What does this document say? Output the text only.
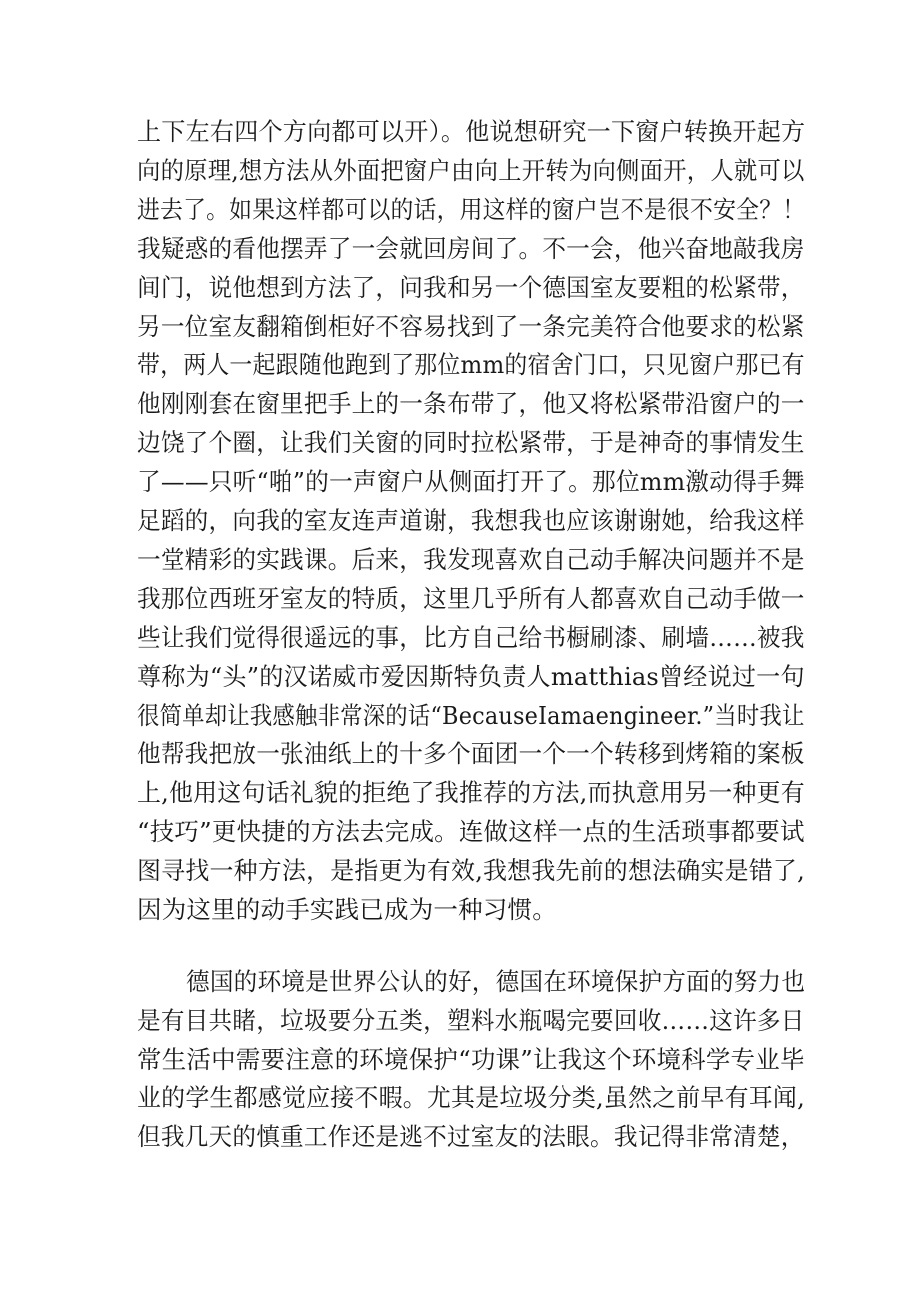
上下左右四个方向都可以开）。他说想研究一下窗户转换开起方
向的原理,想方法从外面把窗户由向上开转为向侧面开，人就可以
进去了。如果这样都可以的话，用这样的窗户岂不是很不安全？！
我疑惑的看他摆弄了一会就回房间了。不一会，他兴奋地敲我房
间门，说他想到方法了，问我和另一个德国室友要粗的松紧带，
另一位室友翻箱倒柜好不容易找到了一条完美符合他要求的松紧
带，两人一起跟随他跑到了那位mm的宿舍门口，只见窗户那已有
他刚刚套在窗里把手上的一条布带了，他又将松紧带沿窗户的一
边饶了个圈，让我们关窗的同时拉松紧带，于是神奇的事情发生
了——只听“啪”的一声窗户从侧面打开了。那位mm激动得手舞
足蹈的，向我的室友连声道谢，我想我也应该谢谢她，给我这样
一堂精彩的实践课。后来，我发现喜欢自己动手解决问题并不是
我那位西班牙室友的特质，这里几乎所有人都喜欢自己动手做一
些让我们觉得很遥远的事，比方自己给书橱刷漆、刷墙……被我
尊称为“头”的汉诺威市爱因斯特负责人matthias曾经说过一句
很简单却让我感触非常深的话“BecauseIamaengineer.”当时我让
他帮我把放一张油纸上的十多个面团一个一个转移到烤箱的案板
上,他用这句话礼貌的拒绝了我推荐的方法,而执意用另一种更有
“技巧”更快捷的方法去完成。连做这样一点的生活琐事都要试
图寻找一种方法，是指更为有效,我想我先前的想法确实是错了,
因为这里的动手实践已成为一种习惯。
德国的环境是世界公认的好，德国在环境保护方面的努力也
是有目共睹，垃圾要分五类，塑料水瓶喝完要回收……这许多日
常生活中需要注意的环境保护“功课”让我这个环境科学专业毕
业的学生都感觉应接不暇。尤其是垃圾分类,虽然之前早有耳闻,
但我几天的慎重工作还是逃不过室友的法眼。我记得非常清楚，
